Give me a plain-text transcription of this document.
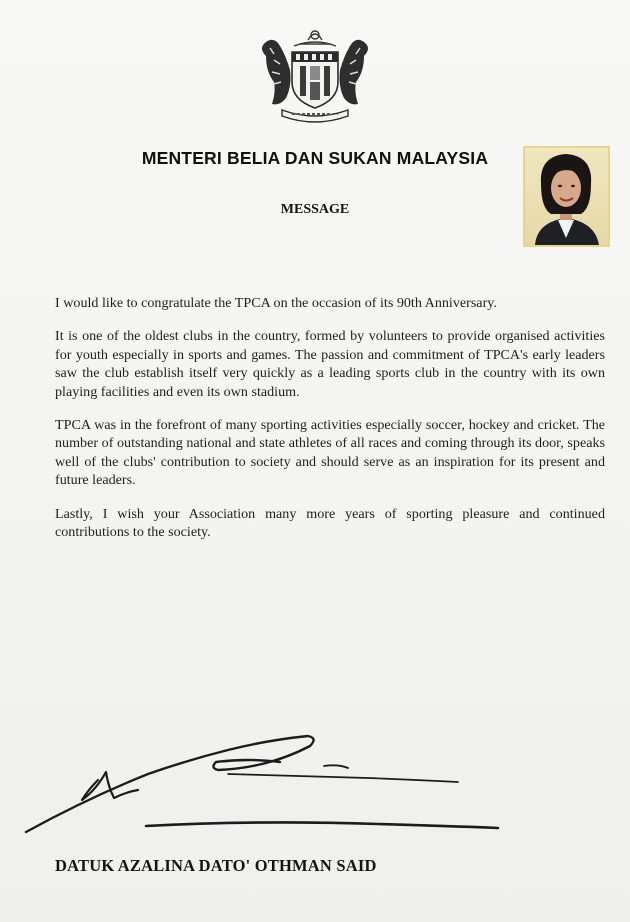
MENTERI BELIA DAN SUKAN MALAYSIA
MESSAGE

I would like to congratulate the TPCA on the occasion of its 90th Anniversary.

It is one of the oldest clubs in the country, formed by volunteers to provide organised activities for youth especially in sports and games. The passion and commitment of TPCA's early leaders saw the club establish itself very quickly as a leading sports club in the country with its own playing facilities and even its own stadium.

TPCA was in the forefront of many sporting activities especially soccer, hockey and cricket. The number of outstanding national and state athletes of all races and coming through its door, speaks well of the clubs' contribution to society and should serve as an inspiration for its present and future leaders.

Lastly, I wish your Association many more years of sporting pleasure and continued contributions to the society.

DATUK AZALINA DATO' OTHMAN SAID
